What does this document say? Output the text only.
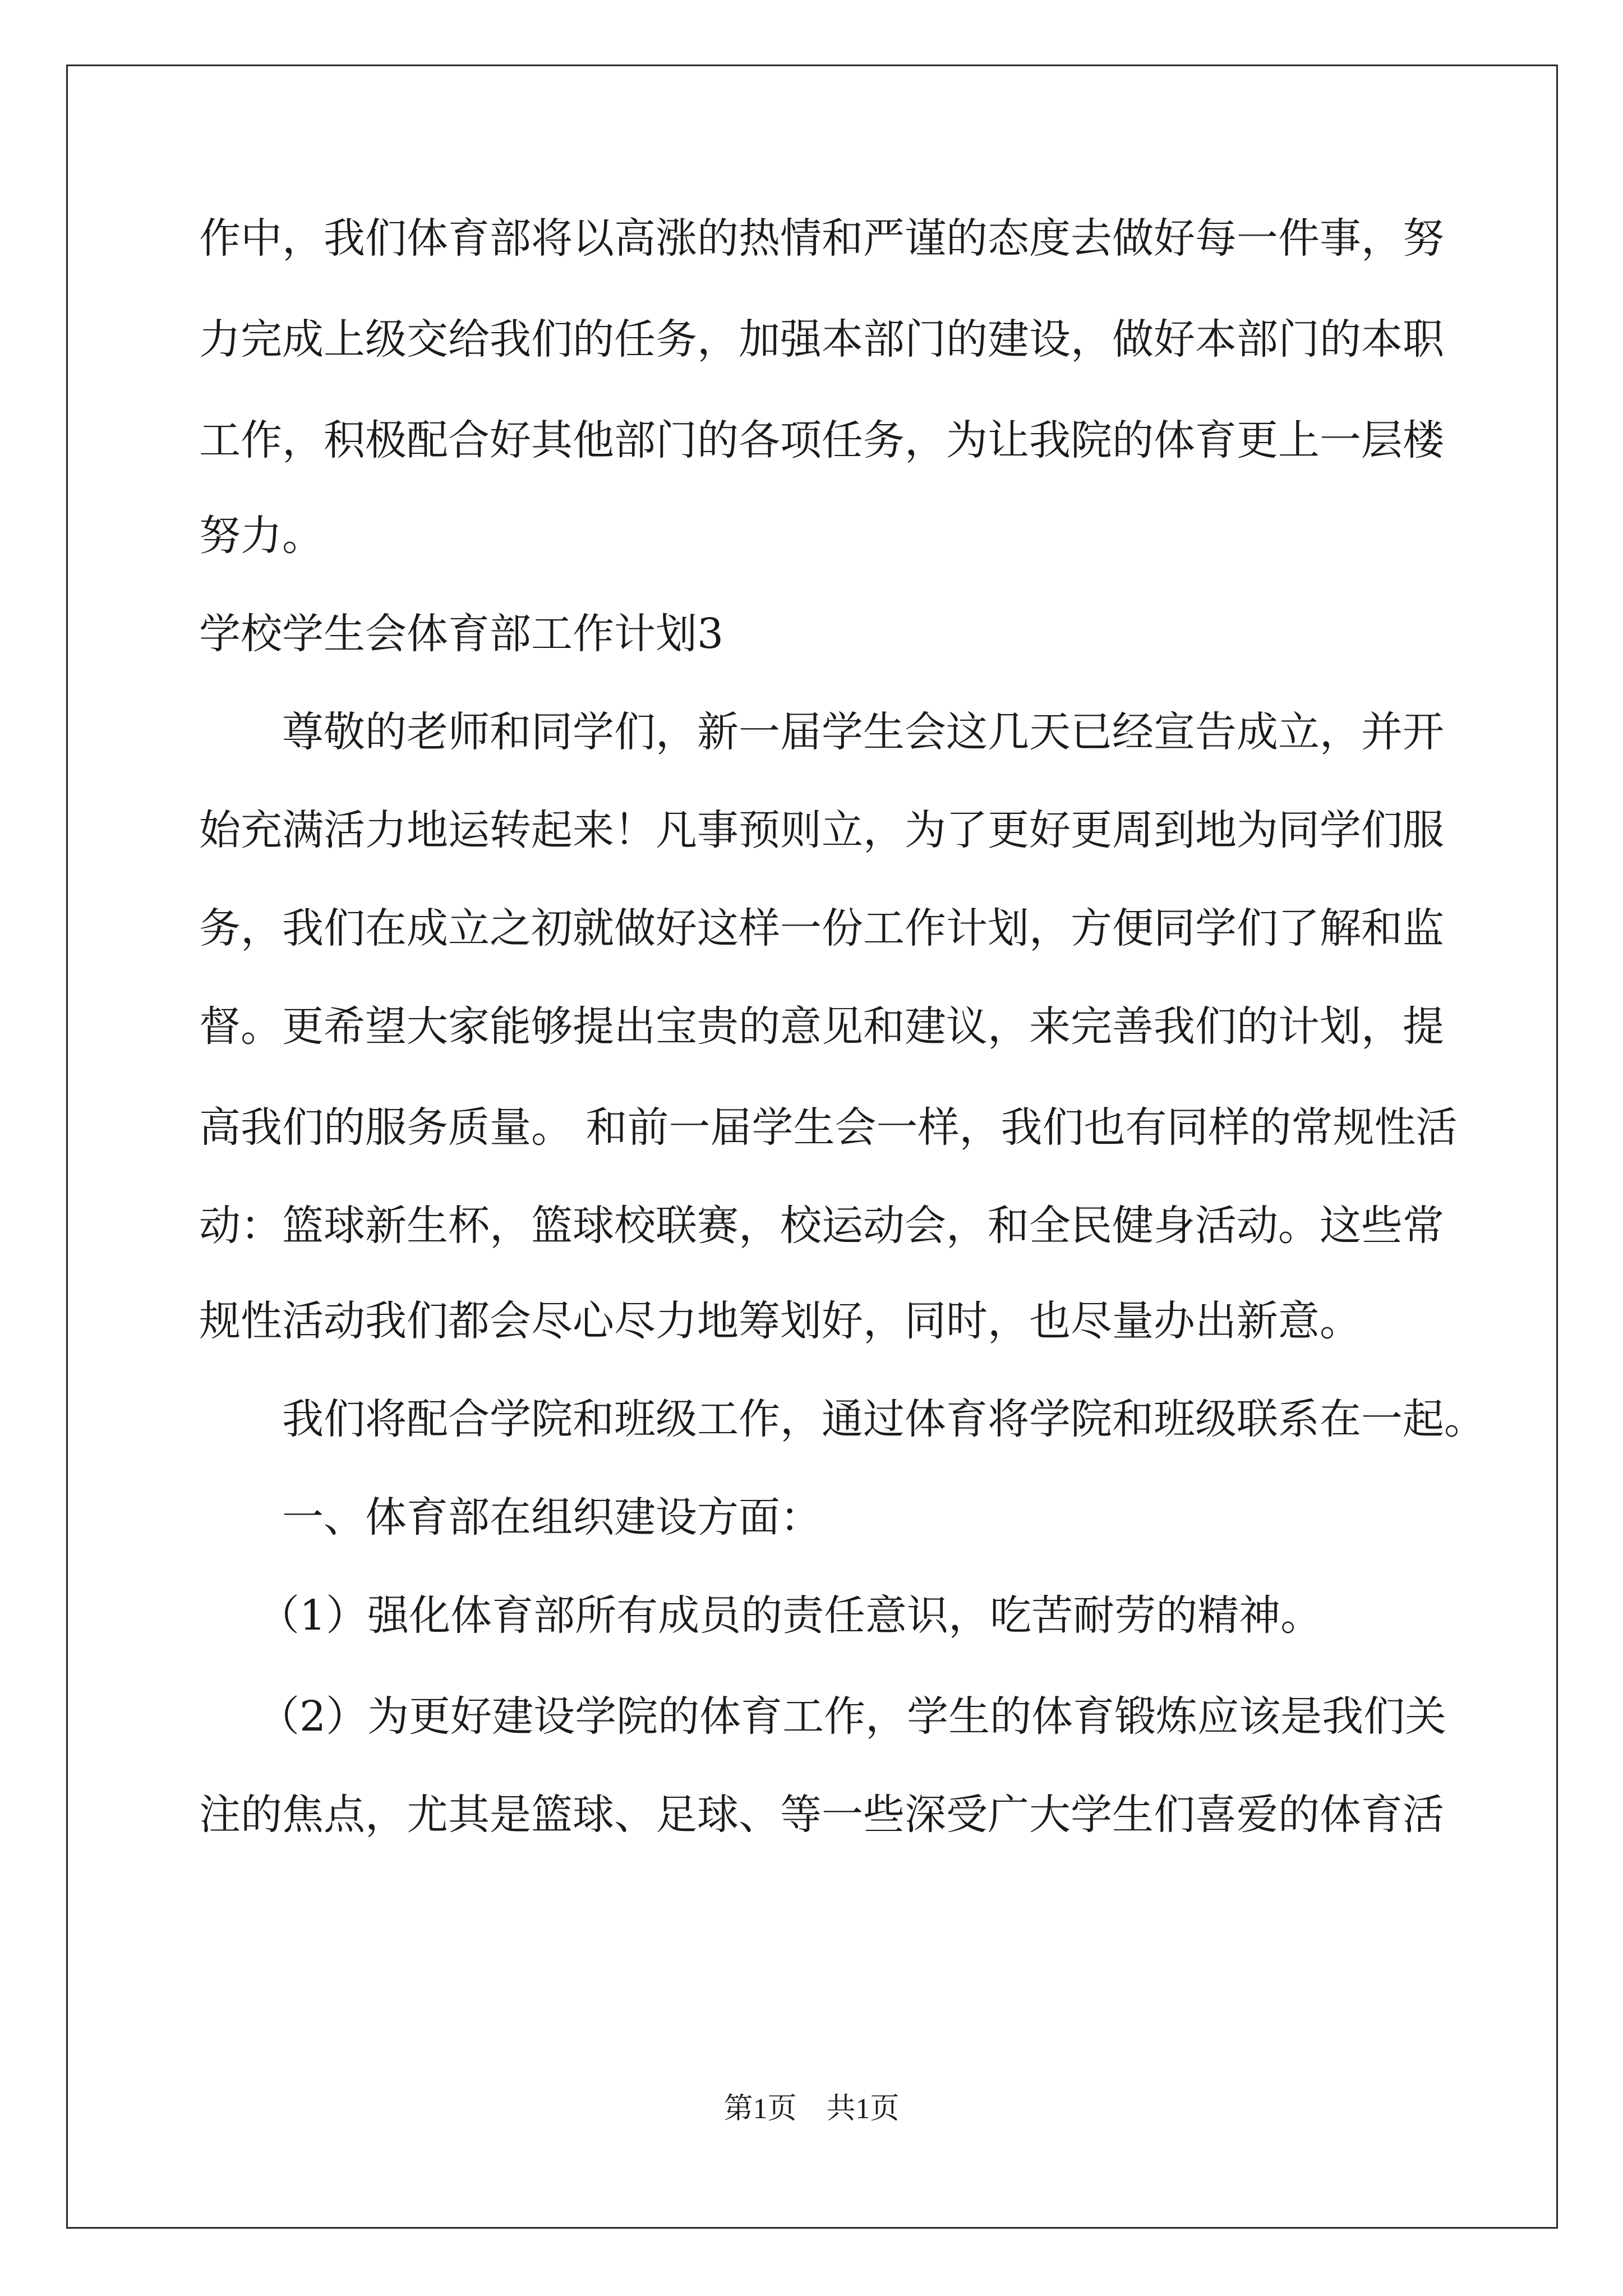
作中，我们体育部将以高涨的热情和严谨的态度去做好每一件事，努
力完成上级交给我们的任务，加强本部门的建设，做好本部门的本职
工作，积极配合好其他部门的各项任务，为让我院的体育更上一层楼
努力。
学校学生会体育部工作计划3
尊敬的老师和同学们，新一届学生会这几天已经宣告成立，并开
始充满活力地运转起来！凡事预则立，为了更好更周到地为同学们服
务，我们在成立之初就做好这样一份工作计划，方便同学们了解和监
督。更希望大家能够提出宝贵的意见和建议，来完善我们的计划，提
高我们的服务质量。 和前一届学生会一样，我们也有同样的常规性活
动：篮球新生杯，篮球校联赛，校运动会，和全民健身活动。这些常
规性活动我们都会尽心尽力地筹划好，同时，也尽量办出新意。
我们将配合学院和班级工作，通过体育将学院和班级联系在一起。
一、体育部在组织建设方面：
（1）强化体育部所有成员的责任意识，吃苦耐劳的精神。
（2）为更好建设学院的体育工作，学生的体育锻炼应该是我们关
注的焦点，尤其是篮球、足球、等一些深受广大学生们喜爱的体育活
第1页 共1页
